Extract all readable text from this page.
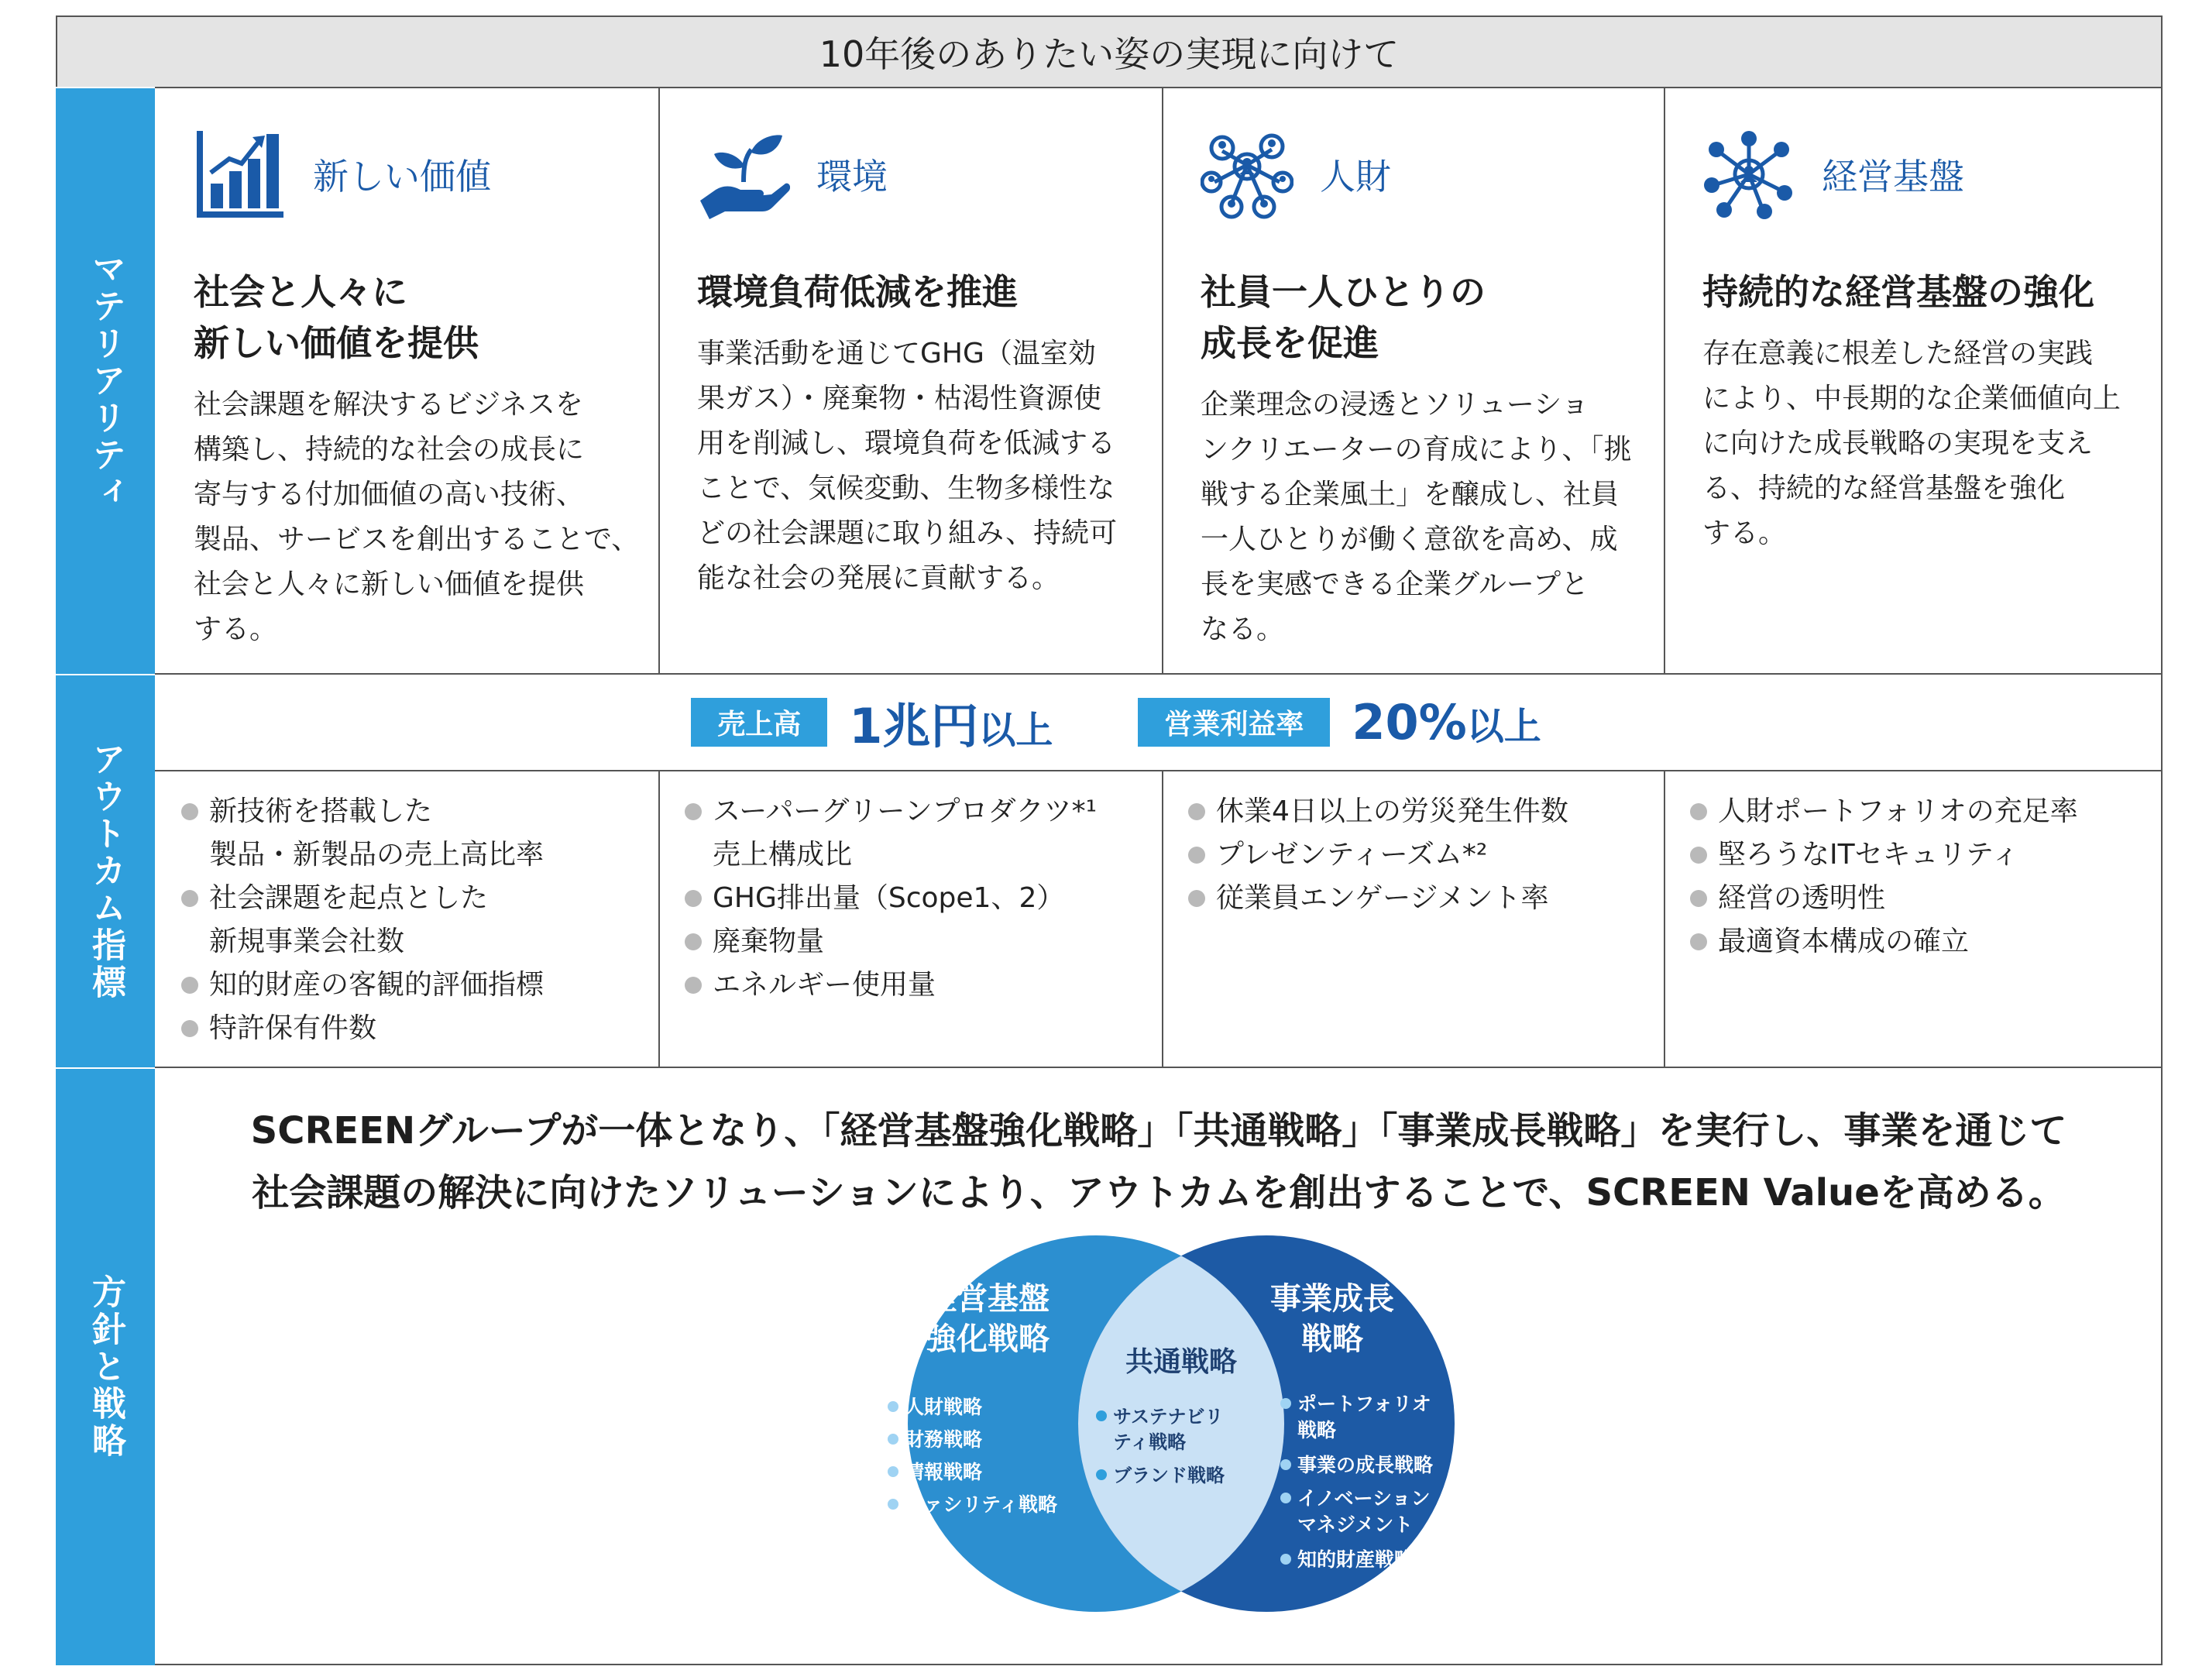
10年後のありたい姿の実現に向けて
マテリアリティ
アウトカム指標
方針と戦略
新しい価値
社会と人々に
新しい価値を提供
社会課題を解決するビジネスを
構築し、持続的な社会の成長に
寄与する付加価値の高い技術、
製品、サービスを創出することで、
社会と人々に新しい価値を提供
する。
環境
環境負荷低減を推進
事業活動を通じてGHG（温室効
果ガス）・廃棄物・枯渇性資源使
用を削減し、環境負荷を低減する
ことで、気候変動、生物多様性な
どの社会課題に取り組み、持続可
能な社会の発展に貢献する。
人財
社員一人ひとりの
成長を促進
企業理念の浸透とソリューショ
ンクリエーターの育成により、「挑
戦する企業風土」を醸成し、社員
一人ひとりが働く意欲を高め、成
長を実感できる企業グループと
なる。
経営基盤
持続的な経営基盤の強化
存在意義に根差した経営の実践
により、中長期的な企業価値向上
に向けた成長戦略の実現を支え
る、持続的な経営基盤を強化
する。
売上高	1兆円以上	営業利益率	20%以上
新技術を搭載した
製品・新製品の売上高比率
社会課題を起点とした
新規事業会社数
知的財産の客観的評価指標
特許保有件数
スーパーグリーンプロダクツ*¹
売上構成比
GHG排出量（Scope1、2）
廃棄物量
エネルギー使用量
休業4日以上の労災発生件数
プレゼンティーズム*²
従業員エンゲージメント率
人財ポートフォリオの充足率
堅ろうなITセキュリティ
経営の透明性
最適資本構成の確立
SCREENグループが一体となり、「経営基盤強化戦略」「共通戦略」「事業成長戦略」を実行し、事業を通じて
社会課題の解決に向けたソリューションにより、アウトカムを創出することで、SCREEN Valueを高める。
経営基盤
強化戦略
人財戦略
財務戦略
情報戦略
ファシリティ戦略
共通戦略
サステナビリ
ティ戦略
ブランド戦略
事業成長
戦略
ポートフォリオ
戦略
事業の成長戦略
イノベーション
マネジメント
知的財産戦略
